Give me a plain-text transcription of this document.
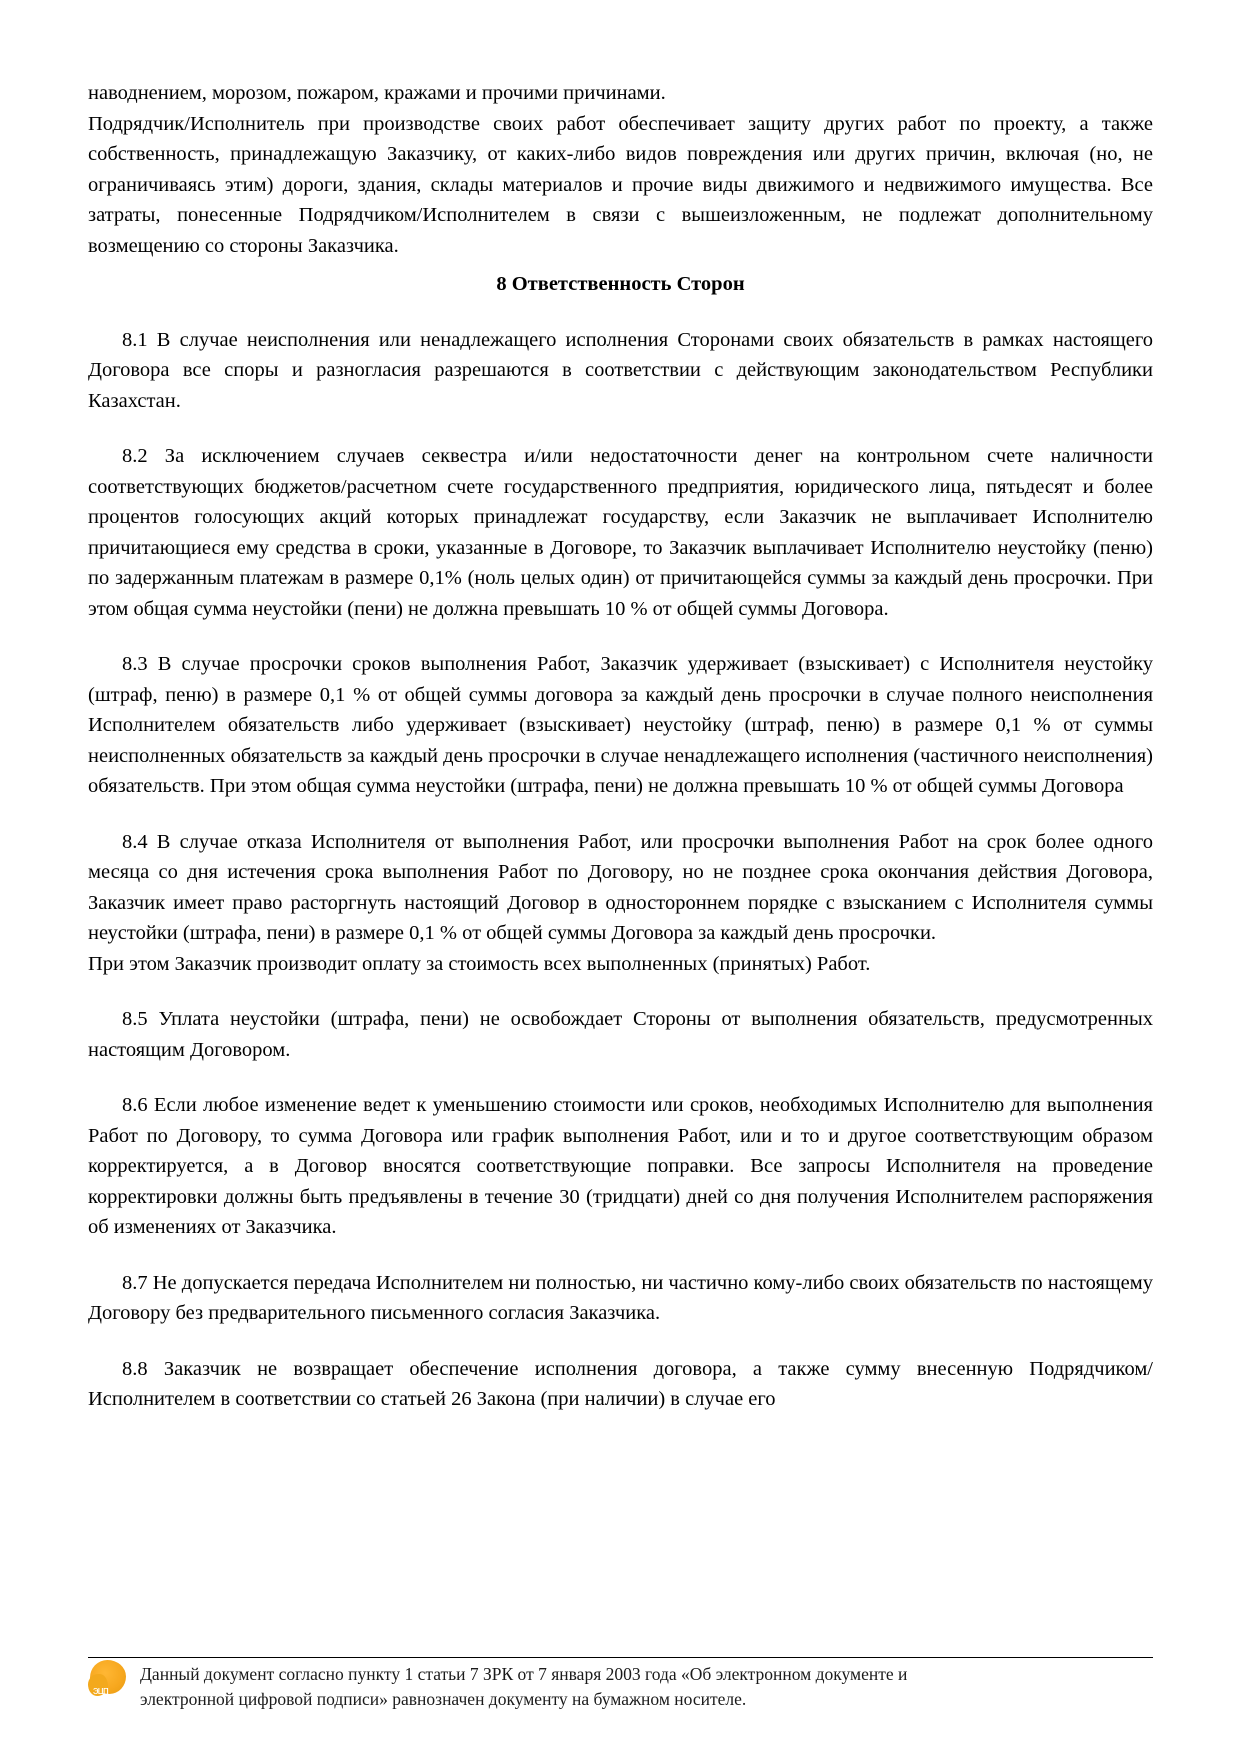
наводнением, морозом, пожаром, кражами и прочими причинами.

Подрядчик/Исполнитель при производстве своих работ обеспечивает защиту других работ по проекту, а также собственность, принадлежащую Заказчику, от каких-либо видов повреждения или других причин, включая (но, не ограничиваясь этим) дороги, здания, склады материалов и прочие виды движимого и недвижимого имущества. Все затраты, понесенные Подрядчиком/Исполнителем в связи с вышеизложенным, не подлежат дополнительному возмещению со стороны Заказчика.

8 Ответственность Сторон

8.1 В случае неисполнения или ненадлежащего исполнения Сторонами своих обязательств в рамках настоящего Договора все споры и разногласия разрешаются в соответствии с действующим законодательством Республики Казахстан.

8.2 За исключением случаев секвестра и/или недостаточности денег на контрольном счете наличности соответствующих бюджетов/расчетном счете государственного предприятия, юридического лица, пятьдесят и более процентов голосующих акций которых принадлежат государству, если Заказчик не выплачивает Исполнителю причитающиеся ему средства в сроки, указанные в Договоре, то Заказчик выплачивает Исполнителю неустойку (пеню) по задержанным платежам в размере 0,1% (ноль целых один) от причитающейся суммы за каждый день просрочки. При этом общая сумма неустойки (пени) не должна превышать 10 % от общей суммы Договора.

8.3 В случае просрочки сроков выполнения Работ, Заказчик удерживает (взыскивает) с Исполнителя неустойку (штраф, пеню) в размере 0,1 % от общей суммы договора за каждый день просрочки в случае полного неисполнения Исполнителем обязательств либо удерживает (взыскивает) неустойку (штраф, пеню) в размере 0,1 % от суммы неисполненных обязательств за каждый день просрочки в случае ненадлежащего исполнения (частичного неисполнения) обязательств. При этом общая сумма неустойки (штрафа, пени) не должна превышать 10 % от общей суммы Договора

8.4 В случае отказа Исполнителя от выполнения Работ, или просрочки выполнения Работ на срок более одного месяца со дня истечения срока выполнения Работ по Договору, но не позднее срока окончания действия Договора, Заказчик имеет право расторгнуть настоящий Договор в одностороннем порядке с взысканием с Исполнителя суммы неустойки (штрафа, пени) в размере 0,1 % от общей суммы Договора за каждый день просрочки.

При этом Заказчик производит оплату за стоимость всех выполненных (принятых) Работ.

8.5 Уплата неустойки (штрафа, пени) не освобождает Стороны от выполнения обязательств, предусмотренных настоящим Договором.

8.6 Если любое изменение ведет к уменьшению стоимости или сроков, необходимых Исполнителю для выполнения Работ по Договору, то сумма Договора или график выполнения Работ, или и то и другое соответствующим образом корректируется, а в Договор вносятся соответствующие поправки. Все запросы Исполнителя на проведение корректировки должны быть предъявлены в течение 30 (тридцати) дней со дня получения Исполнителем распоряжения об изменениях от Заказчика.

8.7 Не допускается передача Исполнителем ни полностью, ни частично кому-либо своих обязательств по настоящему Договору без предварительного письменного согласия Заказчика.

8.8 Заказчик не возвращает обеспечение исполнения договора, а также сумму внесенную Подрядчиком/Исполнителем в соответствии со статьей 26 Закона (при наличии) в случае его

эцп
Данный документ согласно пункту 1 статьи 7 ЗРК от 7 января 2003 года «Об электронном документе и
электронной цифровой подписи» равнозначен документу на бумажном носителе.
